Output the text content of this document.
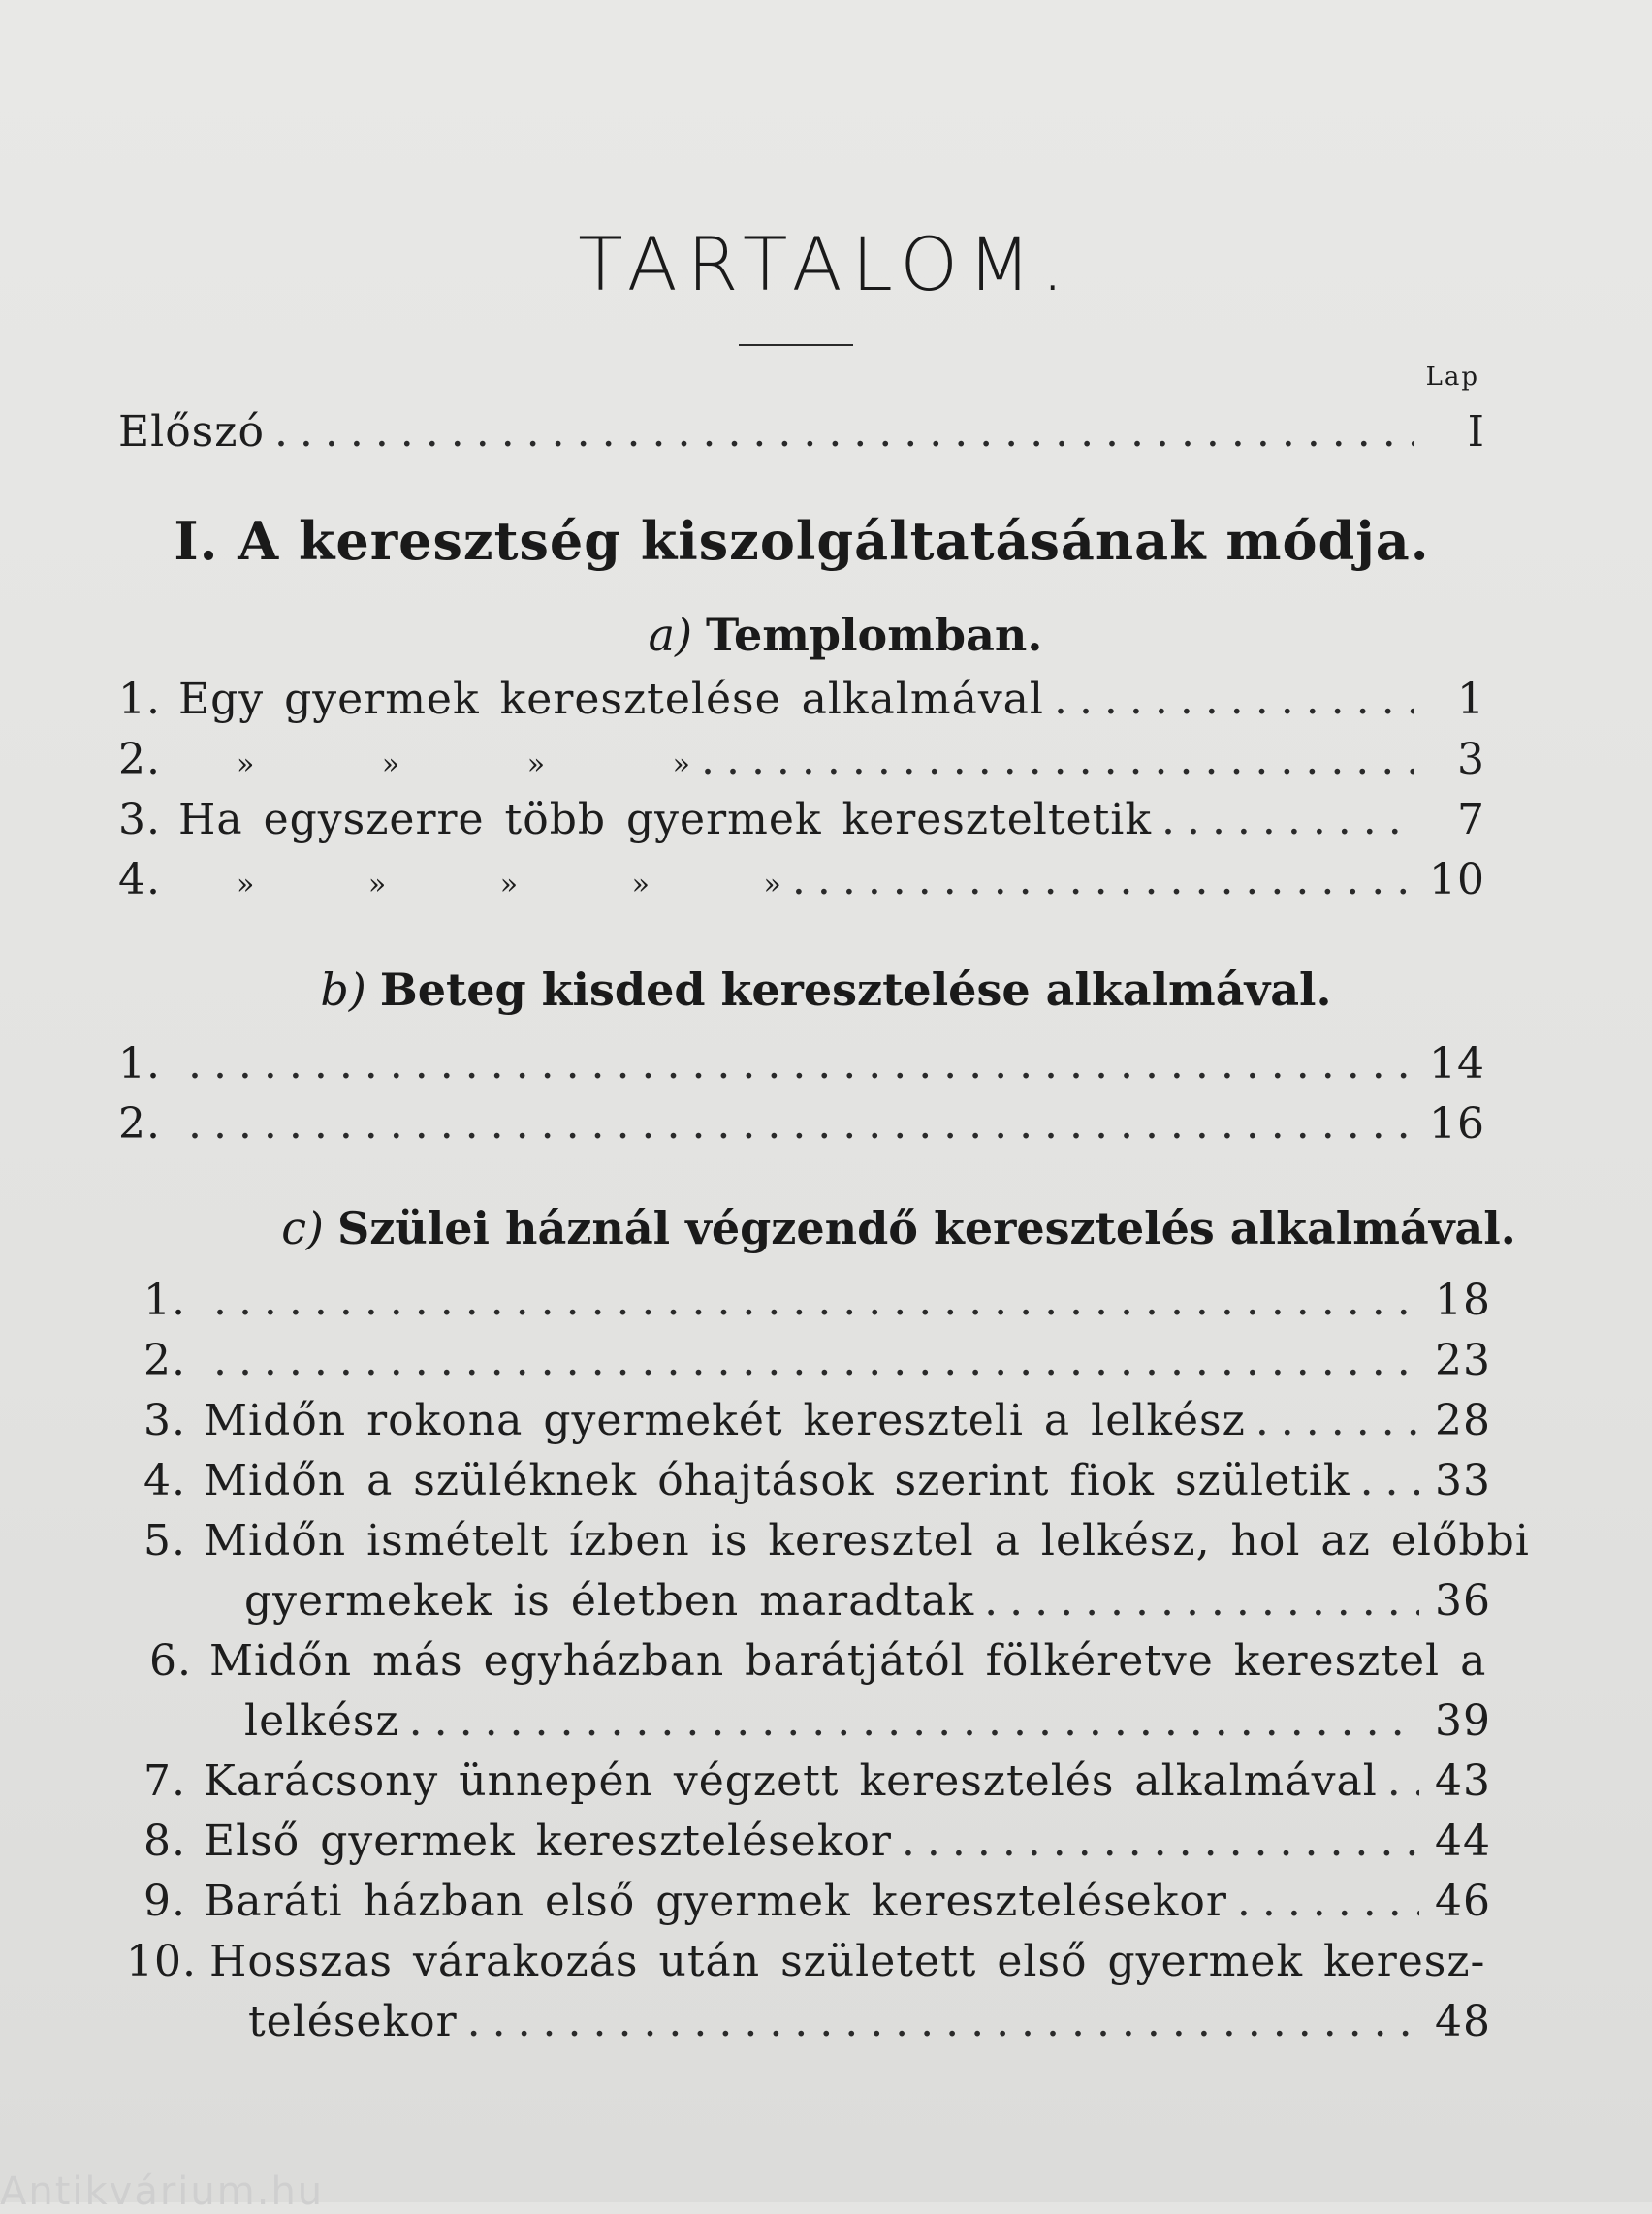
TARTALOM.
Lap
Előszó . . .	I
I. A keresztség kiszolgáltatásának módja.
a) Templomban.
1. Egy gyermek keresztelése alkalmával . . .	1
2.	» » » » . . .	3
3. Ha egyszerre több gyermek kereszteltetik . . .	7
4.	» » » » » . . .	10
b) Beteg kisded keresztelése alkalmával.
1. . . .	14
2. . . .	16
c) Szülei háznál végzendő keresztelés alkalmával.
1. . . .	18
2. . . .	23
3. Midőn rokona gyermekét kereszteli a lelkész . . .	28
4. Midőn a szüléknek óhajtások szerint fiok születik . . . 33
5. Midőn ismételt ízben is keresztel a lelkész, hol az előbbi
gyermekek is életben maradtak . . .	36
6. Midőn más egyházban barátjától fölkéretve keresztel a
lelkész . . .	39
7. Karácsony ünnepén végzett keresztelés alkalmával . . . 43
8. Első gyermek keresztelésekor . . .	44
9. Baráti házban első gyermek keresztelésekor . . .	46
10. Hosszas várakozás után született első gyermek keresz-
telésekor . . .	48
Antikvárium.hu
